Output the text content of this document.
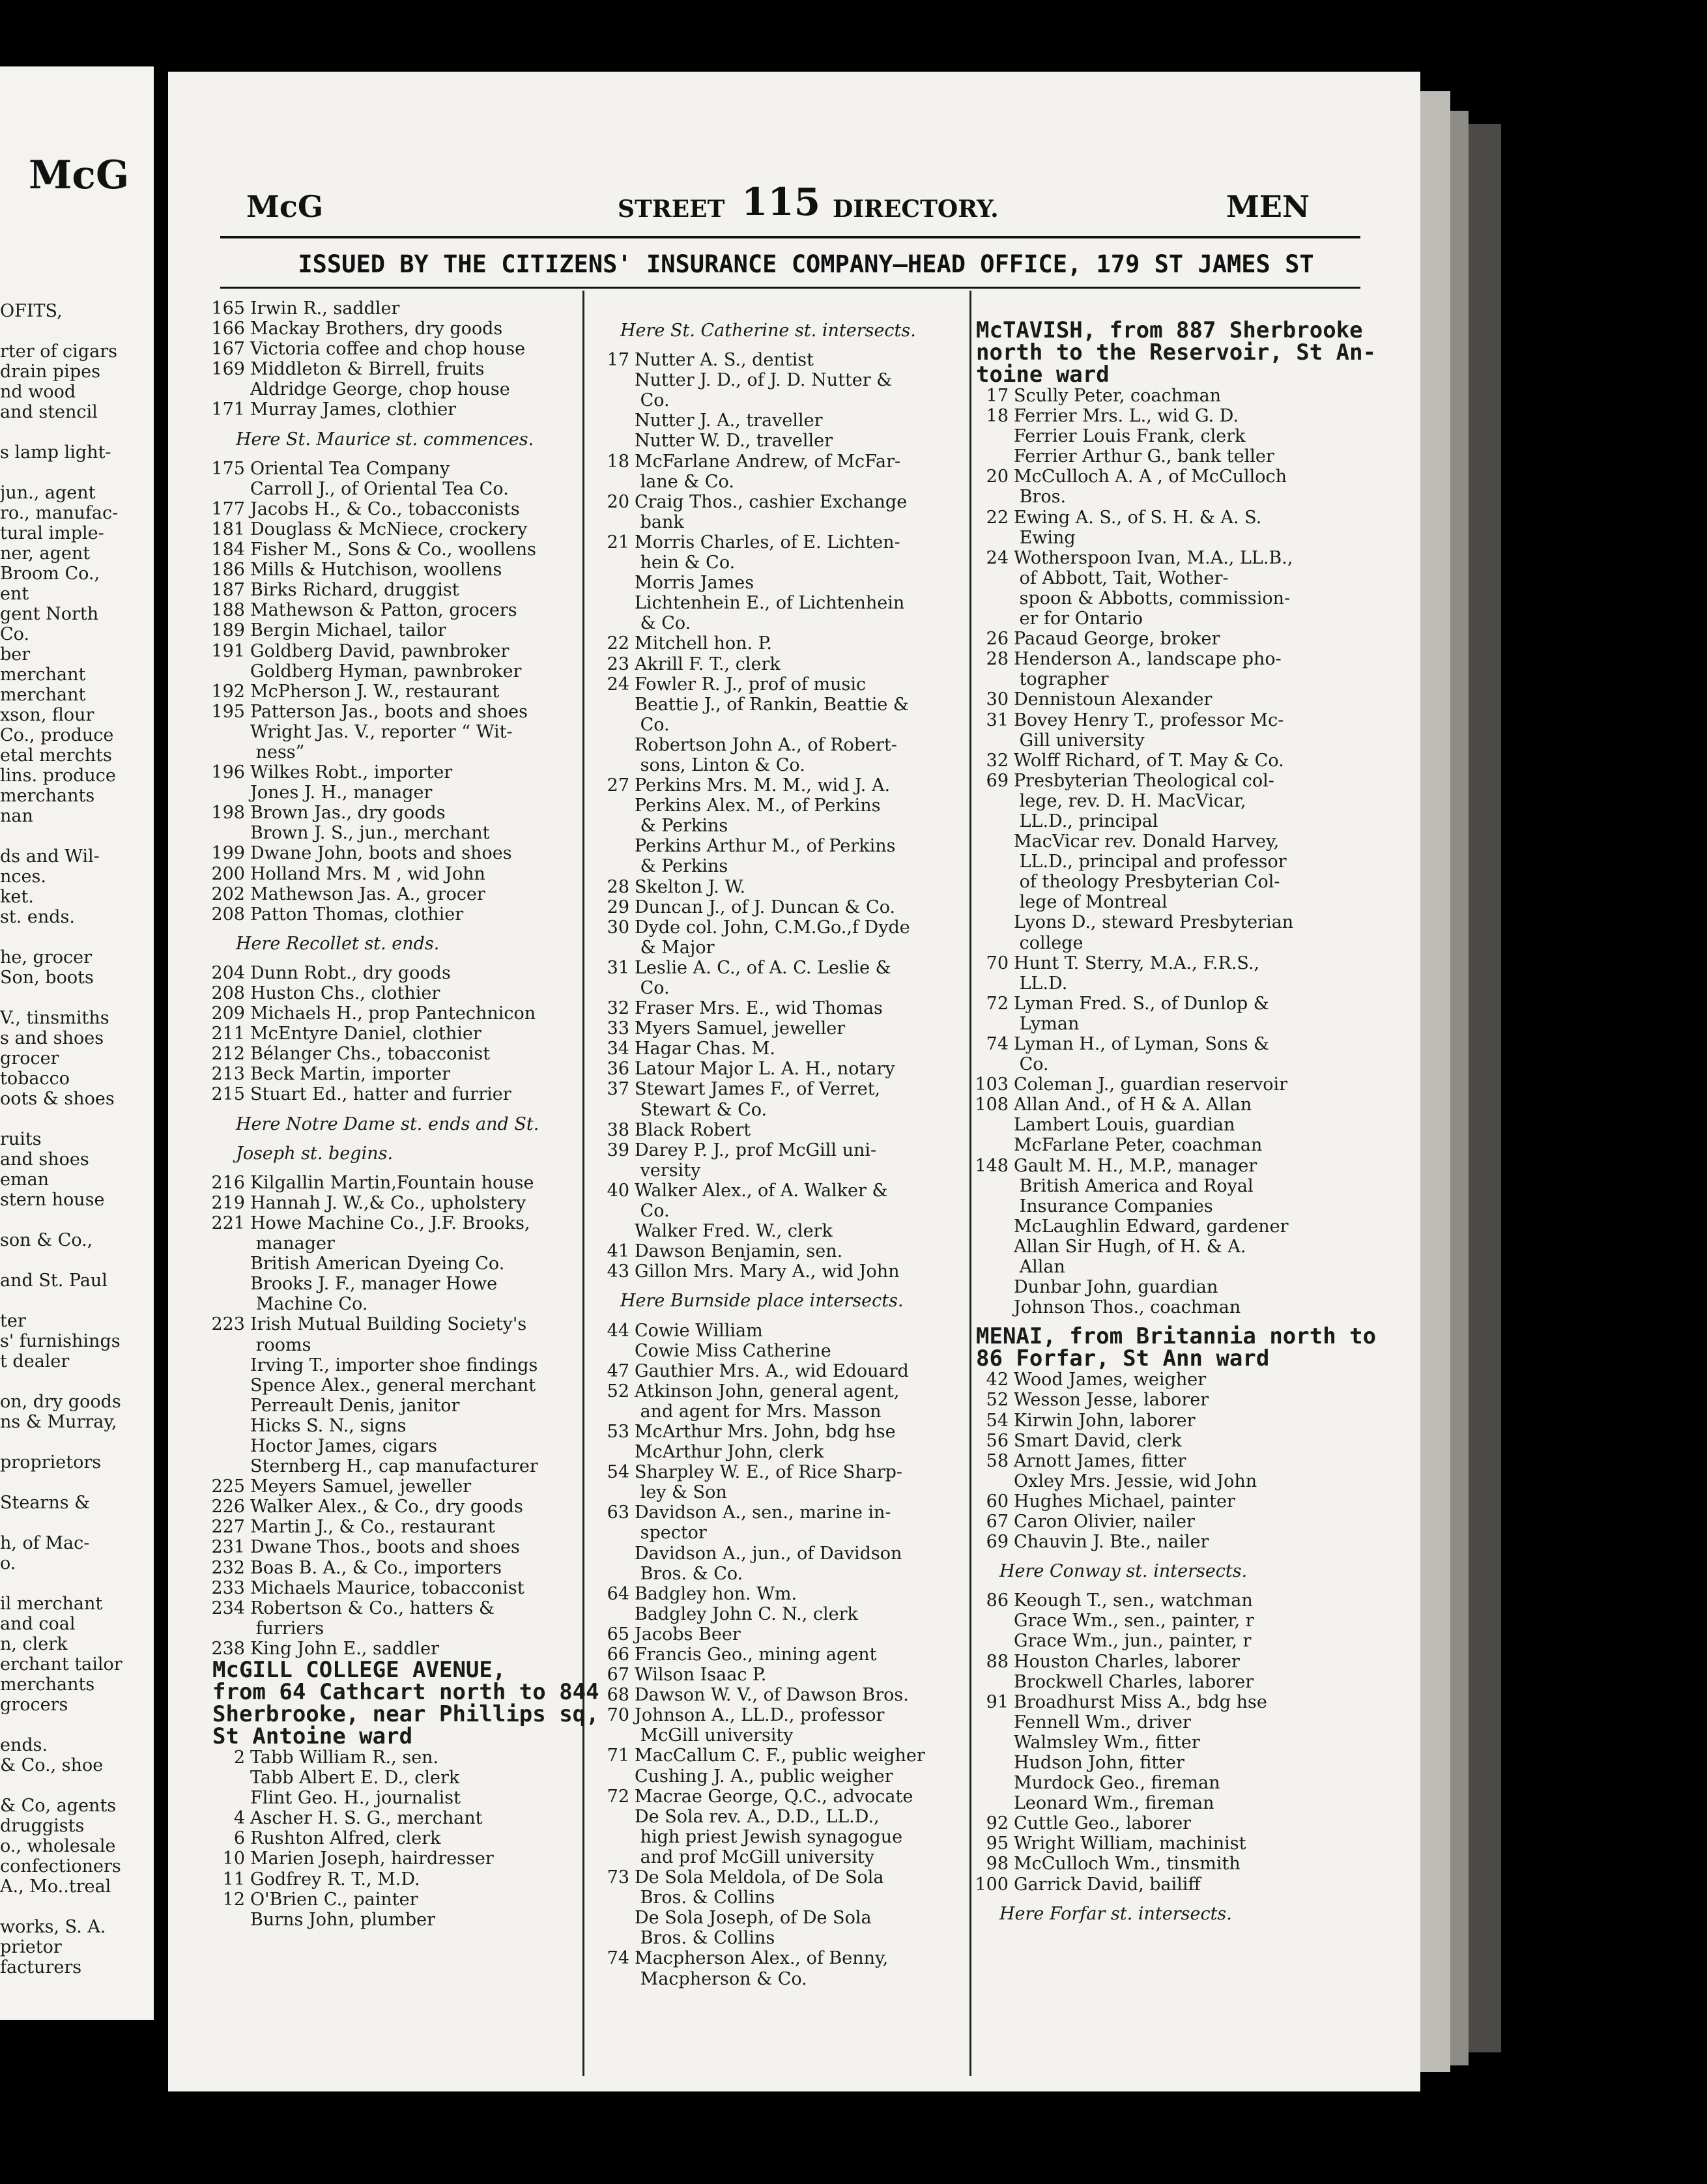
McG
OFITS,
rter of cigars
drain pipes
nd wood
and stencil
s lamp light-
jun., agent
ro., manufac-
tural imple-
ner, agent
Broom Co.,
ent
gent North
Co.
ber
merchant
merchant
xson, flour
Co., produce
etal merchts
lins. produce
merchants
nan
ds and Wil-
nces.
ket.
st. ends.
he, grocer
Son, boots
V., tinsmiths
s and shoes
grocer
tobacco
oots & shoes
ruits
and shoes
eman
stern house
son & Co.,
and St. Paul
ter
s' furnishings
t dealer
on, dry goods
ns & Murray,
proprietors
Stearns &
h, of Mac-
o.
il merchant
and coal
n, clerk
erchant tailor
merchants
grocers
ends.
& Co., shoe
& Co, agents
druggists
o., wholesale
confectioners
A., Mo..treal
works, S. A.
prietor
facturers
McG	STREET 115 DIRECTORY.	MEN
ISSUED BY THE CITIZENS' INSURANCE COMPANY—HEAD OFFICE, 179 ST JAMES ST
165 Irwin R., saddler
166 Mackay Brothers, dry goods
167 Victoria coffee and chop house
169 Middleton & Birrell, fruits
Aldridge George, chop house
171 Murray James, clothier
Here St. Maurice st. commences.
175 Oriental Tea Company
Carroll J., of Oriental Tea Co.
177 Jacobs H., & Co., tobacconists
181 Douglass & McNiece, crockery
184 Fisher M., Sons & Co., woollens
186 Mills & Hutchison, woollens
187 Birks Richard, druggist
188 Mathewson & Patton, grocers
189 Bergin Michael, tailor
191 Goldberg David, pawnbroker
Goldberg Hyman, pawnbroker
192 McPherson J. W., restaurant
195 Patterson Jas., boots and shoes
Wright Jas. V., reporter “ Wit-
ness”
196 Wilkes Robt., importer
Jones J. H., manager
198 Brown Jas., dry goods
Brown J. S., jun., merchant
199 Dwane John, boots and shoes
200 Holland Mrs. M , wid John
202 Mathewson Jas. A., grocer
208 Patton Thomas, clothier
Here Recollet st. ends.
204 Dunn Robt., dry goods
208 Huston Chs., clothier
209 Michaels H., prop Pantechnicon
211 McEntyre Daniel, clothier
212 Bélanger Chs., tobacconist
213 Beck Martin, importer
215 Stuart Ed., hatter and furrier
Here Notre Dame st. ends and St.
Joseph st. begins.
216 Kilgallin Martin,Fountain house
219 Hannah J. W.,& Co., upholstery
221 Howe Machine Co., J.F. Brooks,
manager
British American Dyeing Co.
Brooks J. F., manager Howe
Machine Co.
223 Irish Mutual Building Society's
rooms
Irving T., importer shoe findings
Spence Alex., general merchant
Perreault Denis, janitor
Hicks S. N., signs
Hoctor James, cigars
Sternberg H., cap manufacturer
225 Meyers Samuel, jeweller
226 Walker Alex., & Co., dry goods
227 Martin J., & Co., restaurant
231 Dwane Thos., boots and shoes
232 Boas B. A., & Co., importers
233 Michaels Maurice, tobacconist
234 Robertson & Co., hatters &
furriers
238 King John E., saddler
McGILL COLLEGE AVENUE,
from 64 Cathcart north to 844
Sherbrooke, near Phillips sq,
St Antoine ward
2 Tabb William R., sen.
Tabb Albert E. D., clerk
Flint Geo. H., journalist
4 Ascher H. S. G., merchant
6 Rushton Alfred, clerk
10 Marien Joseph, hairdresser
11 Godfrey R. T., M.D.
12 O'Brien C., painter
Burns John, plumber
Here St. Catherine st. intersects.
17 Nutter A. S., dentist
Nutter J. D., of J. D. Nutter &
Co.
Nutter J. A., traveller
Nutter W. D., traveller
18 McFarlane Andrew, of McFar-
lane & Co.
20 Craig Thos., cashier Exchange
bank
21 Morris Charles, of E. Lichten-
hein & Co.
Morris James
Lichtenhein E., of Lichtenhein
& Co.
22 Mitchell hon. P.
23 Akrill F. T., clerk
24 Fowler R. J., prof of music
Beattie J., of Rankin, Beattie &
Co.
Robertson John A., of Robert-
sons, Linton & Co.
27 Perkins Mrs. M. M., wid J. A.
Perkins Alex. M., of Perkins
& Perkins
Perkins Arthur M., of Perkins
& Perkins
28 Skelton J. W.
29 Duncan J., of J. Duncan & Co.
30 Dyde col. John, C.M.Go.,f Dyde
& Major
31 Leslie A. C., of A. C. Leslie &
Co.
32 Fraser Mrs. E., wid Thomas
33 Myers Samuel, jeweller
34 Hagar Chas. M.
36 Latour Major L. A. H., notary
37 Stewart James F., of Verret,
Stewart & Co.
38 Black Robert
39 Darey P. J., prof McGill uni-
versity
40 Walker Alex., of A. Walker &
Co.
Walker Fred. W., clerk
41 Dawson Benjamin, sen.
43 Gillon Mrs. Mary A., wid John
Here Burnside place intersects.
44 Cowie William
Cowie Miss Catherine
47 Gauthier Mrs. A., wid Edouard
52 Atkinson John, general agent,
and agent for Mrs. Masson
53 McArthur Mrs. John, bdg hse
McArthur John, clerk
54 Sharpley W. E., of Rice Sharp-
ley & Son
63 Davidson A., sen., marine in-
spector
Davidson A., jun., of Davidson
Bros. & Co.
64 Badgley hon. Wm.
Badgley John C. N., clerk
65 Jacobs Beer
66 Francis Geo., mining agent
67 Wilson Isaac P.
68 Dawson W. V., of Dawson Bros.
70 Johnson A., LL.D., professor
McGill university
71 MacCallum C. F., public weigher
Cushing J. A., public weigher
72 Macrae George, Q.C., advocate
De Sola rev. A., D.D., LL.D.,
high priest Jewish synagogue
and prof McGill university
73 De Sola Meldola, of De Sola
Bros. & Collins
De Sola Joseph, of De Sola
Bros. & Collins
74 Macpherson Alex., of Benny,
Macpherson & Co.
McTAVISH, from 887 Sherbrooke
north to the Reservoir, St An-
toine ward
17 Scully Peter, coachman
18 Ferrier Mrs. L., wid G. D.
Ferrier Louis Frank, clerk
Ferrier Arthur G., bank teller
20 McCulloch A. A , of McCulloch
Bros.
22 Ewing A. S., of S. H. & A. S.
Ewing
24 Wotherspoon Ivan, M.A., LL.B.,
of Abbott, Tait, Wother-
spoon & Abbotts, commission-
er for Ontario
26 Pacaud George, broker
28 Henderson A., landscape pho-
tographer
30 Dennistoun Alexander
31 Bovey Henry T., professor Mc-
Gill university
32 Wolff Richard, of T. May & Co.
69 Presbyterian Theological col-
lege, rev. D. H. MacVicar,
LL.D., principal
MacVicar rev. Donald Harvey,
LL.D., principal and professor
of theology Presbyterian Col-
lege of Montreal
Lyons D., steward Presbyterian
college
70 Hunt T. Sterry, M.A., F.R.S.,
LL.D.
72 Lyman Fred. S., of Dunlop &
Lyman
74 Lyman H., of Lyman, Sons &
Co.
103 Coleman J., guardian reservoir
108 Allan And., of H & A. Allan
Lambert Louis, guardian
McFarlane Peter, coachman
148 Gault M. H., M.P., manager
British America and Royal
Insurance Companies
McLaughlin Edward, gardener
Allan Sir Hugh, of H. & A.
Allan
Dunbar John, guardian
Johnson Thos., coachman
MENAI, from Britannia north to
86 Forfar, St Ann ward
42 Wood James, weigher
52 Wesson Jesse, laborer
54 Kirwin John, laborer
56 Smart David, clerk
58 Arnott James, fitter
Oxley Mrs. Jessie, wid John
60 Hughes Michael, painter
67 Caron Olivier, nailer
69 Chauvin J. Bte., nailer
Here Conway st. intersects.
86 Keough T., sen., watchman
Grace Wm., sen., painter, r
Grace Wm., jun., painter, r
88 Houston Charles, laborer
Brockwell Charles, laborer
91 Broadhurst Miss A., bdg hse
Fennell Wm., driver
Walmsley Wm., fitter
Hudson John, fitter
Murdock Geo., fireman
Leonard Wm., fireman
92 Cuttle Geo., laborer
95 Wright William, machinist
98 McCulloch Wm., tinsmith
100 Garrick David, bailiff
Here Forfar st. intersects.
